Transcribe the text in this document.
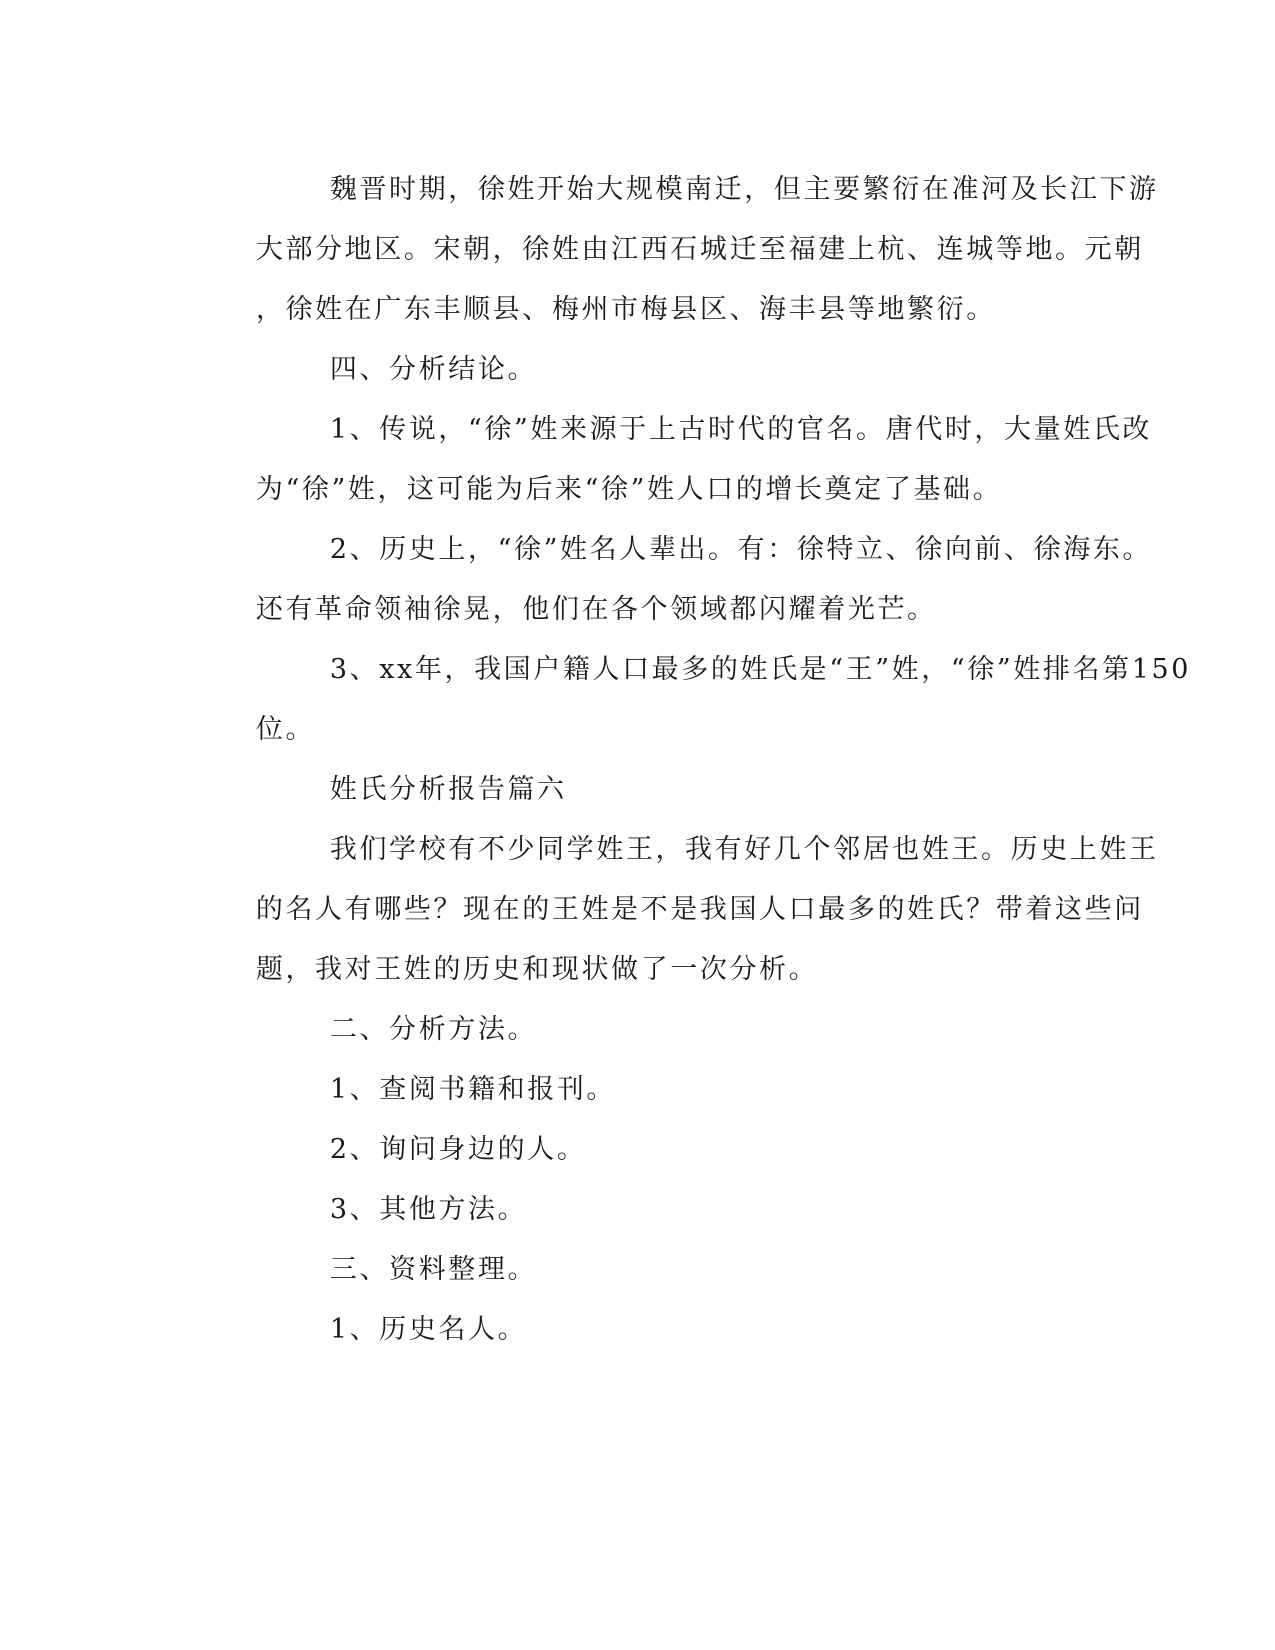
魏晋时期，徐姓开始大规模南迁，但主要繁衍在准河及长江下游
大部分地区。宋朝，徐姓由江西石城迁至福建上杭、连城等地。元朝
，徐姓在广东丰顺县、梅州市梅县区、海丰县等地繁衍。
四、分析结论。
1、传说，“徐”姓来源于上古时代的官名。唐代时，大量姓氏改
为“徐”姓，这可能为后来“徐”姓人口的增长奠定了基础。
2、历史上，“徐”姓名人辈出。有：徐特立、徐向前、徐海东。
还有革命领袖徐晃，他们在各个领域都闪耀着光芒。
3、xx年，我国户籍人口最多的姓氏是“王”姓，“徐”姓排名第150
位。
姓氏分析报告篇六
我们学校有不少同学姓王，我有好几个邻居也姓王。历史上姓王
的名人有哪些？现在的王姓是不是我国人口最多的姓氏？带着这些问
题，我对王姓的历史和现状做了一次分析。
二、分析方法。
1、查阅书籍和报刊。
2、询问身边的人。
3、其他方法。
三、资料整理。
1、历史名人。
